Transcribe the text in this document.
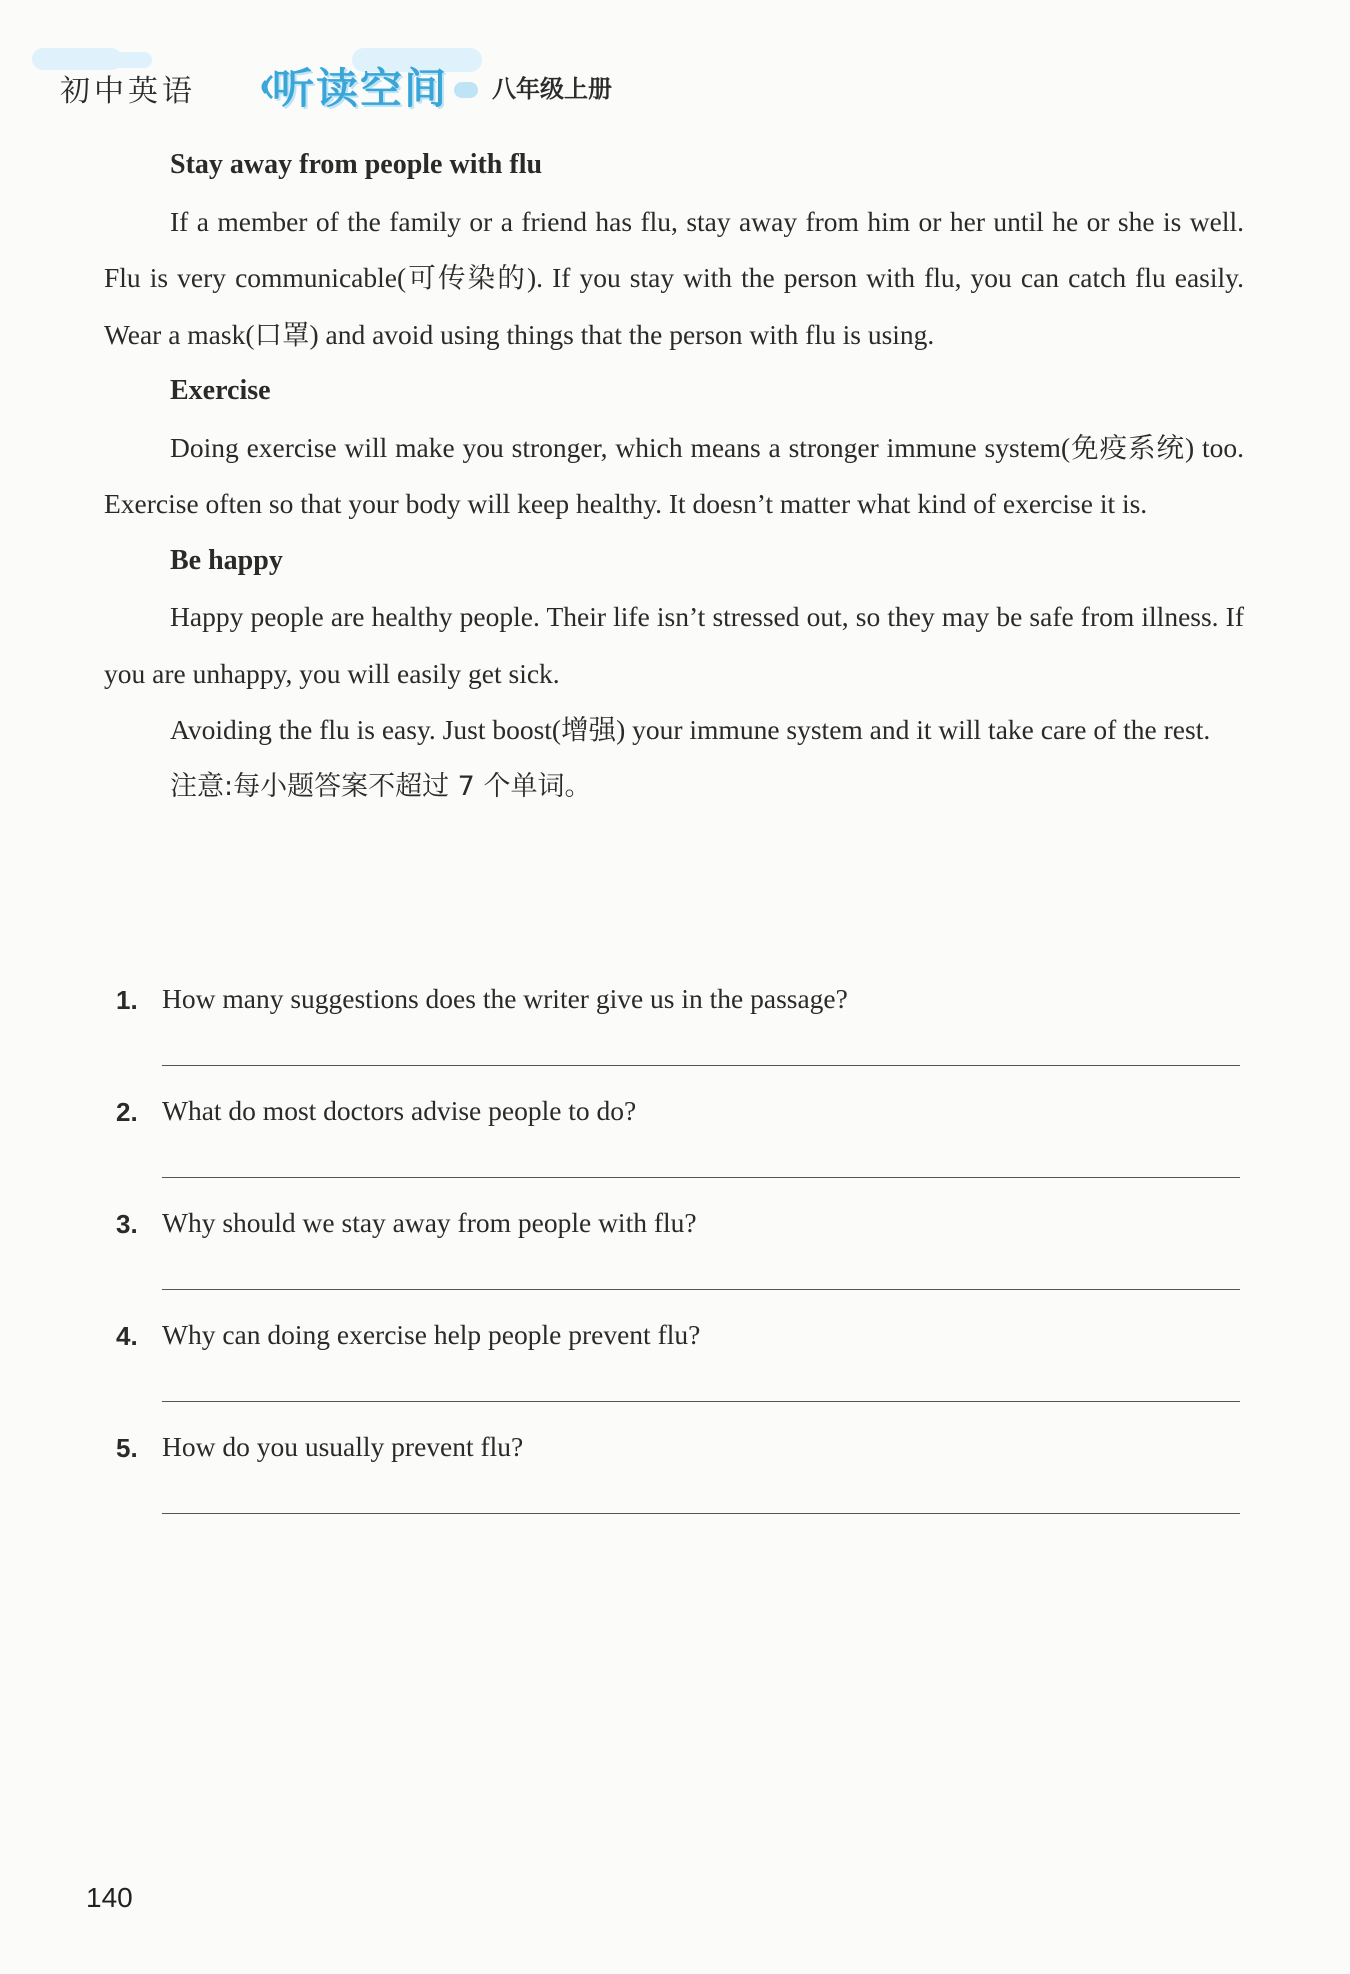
初中英语 听读空间 八年级上册
Stay away from people with flu

If a member of the family or a friend has flu, stay away from him or her until he or she is well. Flu is very communicable(可传染的). If you stay with the person with flu, you can catch flu easily. Wear a mask(口罩) and avoid using things that the person with flu is using.

Exercise

Doing exercise will make you stronger, which means a stronger immune system(免疫系统) too. Exercise often so that your body will keep healthy. It doesn’t matter what kind of exercise it is.

Be happy

Happy people are healthy people. Their life isn’t stressed out, so they may be safe from illness. If you are unhappy, you will easily get sick.

Avoiding the flu is easy. Just boost(增强) your immune system and it will take care of the rest.

注意:每小题答案不超过 7 个单词。

1. How many suggestions does the writer give us in the passage?
2. What do most doctors advise people to do?
3. Why should we stay away from people with flu?
4. Why can doing exercise help people prevent flu?
5. How do you usually prevent flu?
140
